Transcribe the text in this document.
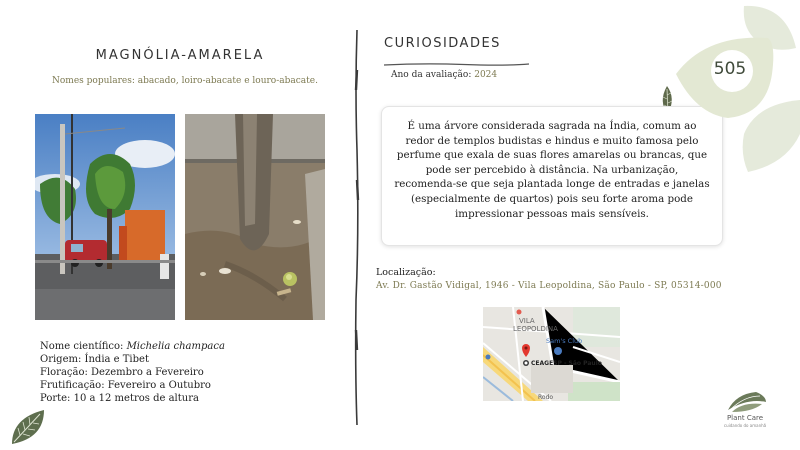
MAGNÓLIA-AMARELA
Nomes populares: abacado, loiro-abacate e louro-abacate.
Nome científico: Michelia champaca
Origem: Índia e Tibet
Floração: Dezembro a Fevereiro
Frutificação: Fevereiro a Outubro
Porte: 10 a 12 metros de altura
CURIOSIDADES
Ano da avaliação: 2024
É uma árvore considerada sagrada na Índia, comum ao redor de templos budistas e hindus e muito famosa pelo perfume que exala de suas flores amarelas ou brancas, que pode ser percebido à distância. Na urbanização, recomenda-se que seja plantada longe de entradas e janelas (especialmente de quartos) pois seu forte aroma pode impressionar pessoas mais sensíveis.
Localização:
Av. Dr. Gastão Vidigal, 1946 - Vila Leopoldina, São Paulo - SP, 05314-000
VILA
LEOPOLDINA
Sam's Club
CEAGESP - São Paulo
Rodo
505
Plant Care
cuidando do amanhã
